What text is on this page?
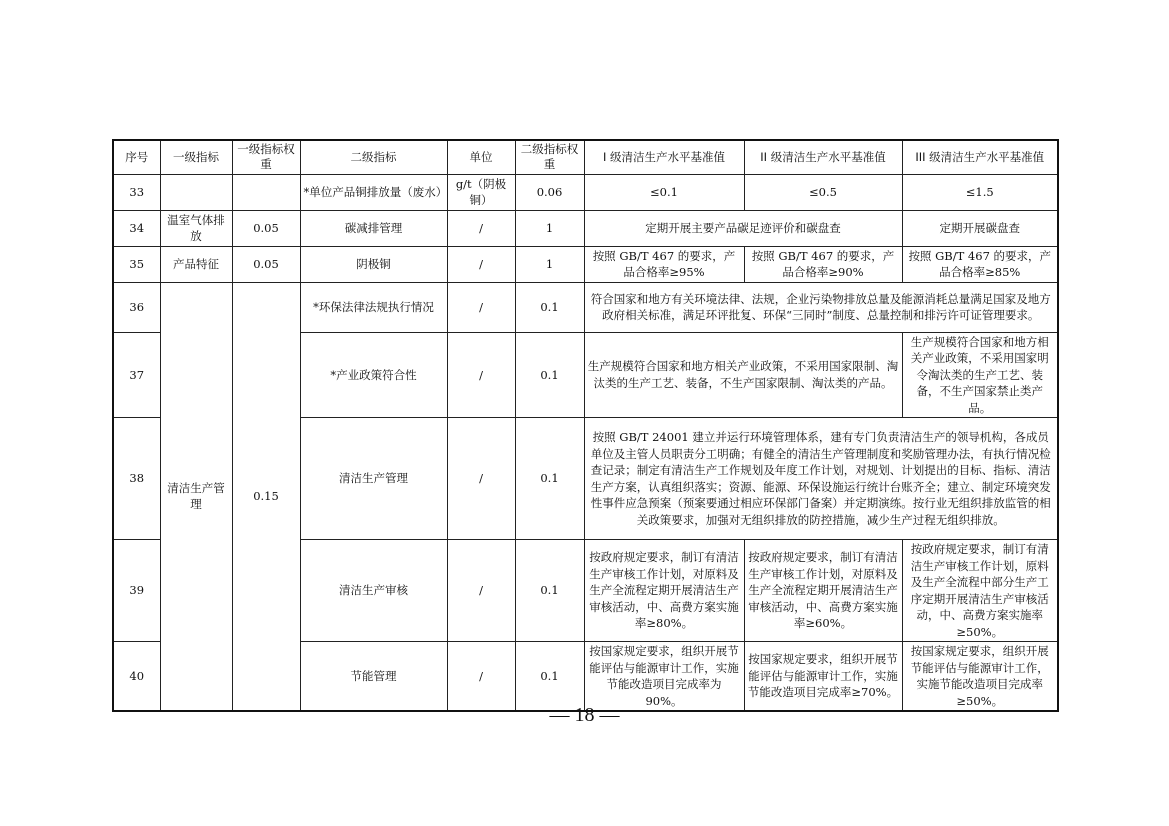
序号	一级指标	一级指标权重	二级指标	单位	二级指标权重	I 级清洁生产水平基准值	II 级清洁生产水平基准值	III 级清洁生产水平基准值
33			*单位产品铜排放量（废水）	g/t（阴极铜）	0.06	≤0.1	≤0.5	≤1.5
34	温室气体排放	0.05	碳减排管理	/	1	定期开展主要产品碳足迹评价和碳盘查		定期开展碳盘查
35	产品特征	0.05	阴极铜	/	1	按照 GB/T 467 的要求，产品合格率≥95%	按照 GB/T 467 的要求，产品合格率≥90%	按照 GB/T 467 的要求，产品合格率≥85%
36	清洁生产管理	0.15	*环保法律法规执行情况	/	0.1	符合国家和地方有关环境法律、法规，企业污染物排放总量及能源消耗总量满足国家及地方政府相关标准，满足环评批复、环保“三同时”制度、总量控制和排污许可证管理要求。		
37			*产业政策符合性	/	0.1	生产规模符合国家和地方相关产业政策，不采用国家限制、淘汰类的生产工艺、装备，不生产国家限制、淘汰类的产品。		生产规模符合国家和地方相关产业政策，不采用国家明令淘汰类的生产工艺、装备，不生产国家禁止类产品。
38			清洁生产管理	/	0.1	按照 GB/T 24001 建立并运行环境管理体系，建有专门负责清洁生产的领导机构，各成员单位及主管人员职责分工明确；有健全的清洁生产管理制度和奖励管理办法，有执行情况检查记录；制定有清洁生产工作规划及年度工作计划，对规划、计划提出的目标、指标、清洁生产方案，认真组织落实；资源、能源、环保设施运行统计台账齐全；建立、制定环境突发性事件应急预案（预案要通过相应环保部门备案）并定期演练。按行业无组织排放监管的相关政策要求，加强对无组织排放的防控措施，减少生产过程无组织排放。		
39			清洁生产审核	/	0.1	按政府规定要求，制订有清洁生产审核工作计划，对原料及生产全流程定期开展清洁生产审核活动，中、高费方案实施率≥80%。	按政府规定要求，制订有清洁生产审核工作计划，对原料及生产全流程定期开展清洁生产审核活动，中、高费方案实施率≥60%。	按政府规定要求，制订有清洁生产审核工作计划，原料及生产全流程中部分生产工序定期开展清洁生产审核活动，中、高费方案实施率≥50%。
40			节能管理	/	0.1	按国家规定要求，组织开展节能评估与能源审计工作，实施节能改造项目完成率为 90%。	按国家规定要求，组织开展节能评估与能源审计工作，实施节能改造项目完成率≥70%。	按国家规定要求，组织开展节能评估与能源审计工作，实施节能改造项目完成率≥50%。
— 18 —
